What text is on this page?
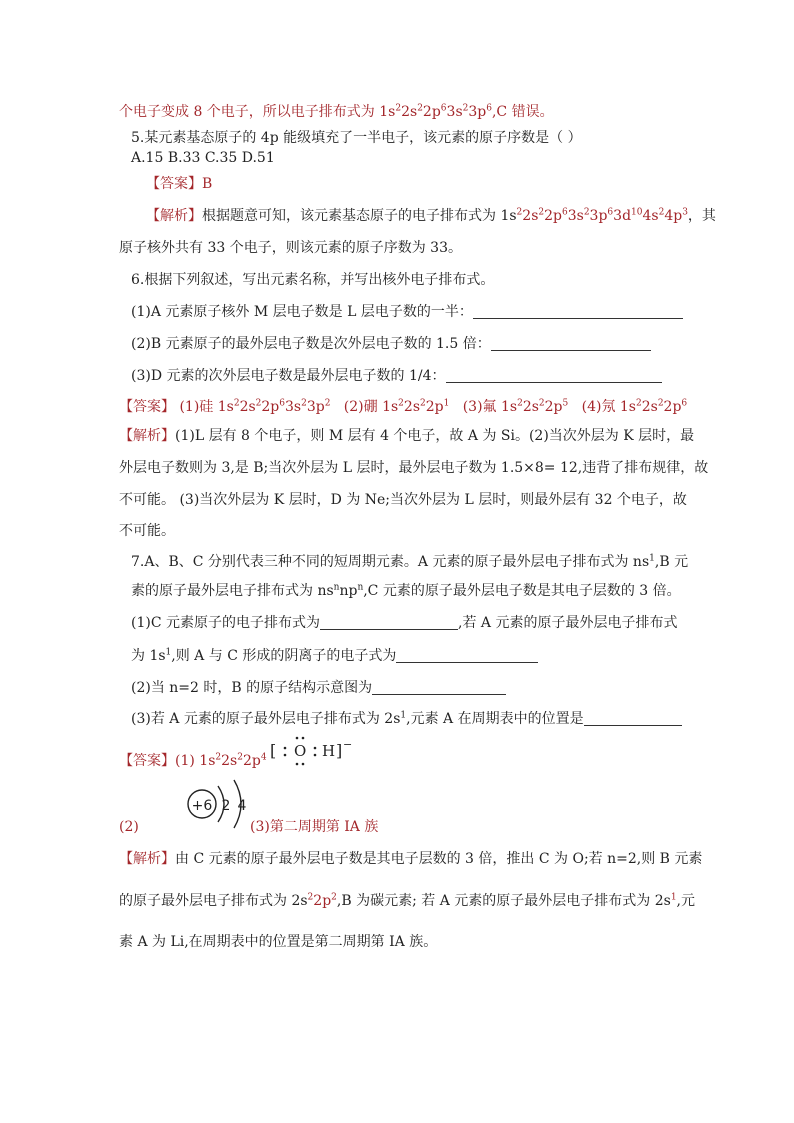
个电子变成 8 个电子，所以电子排布式为 $1s^22s^22p^63s^23p^6,C$ 错误。
5.某元素基态原子的 4p 能级填充了一半电子，该元素的原子序数是（ ）
A.15 B.33 C.35 D.51
【答案】B
【解析】根据题意可知，该元素基态原子的电子排布式为 $1s^22s^22p^63s^23p^63d^{10}4s^24p^3$，其
原子核外共有 33 个电子，则该元素的原子序数为 33。
6.根据下列叙述，写出元素名称，并写出核外电子排布式。
(1)A 元素原子核外 M 层电子数是 L 层电子数的一半：
(2)B 元素原子的最外层电子数是次外层电子数的 1.5 倍：
(3)D 元素的次外层电子数是最外层电子数的 1/4：
【答案】 (1)硅 $1s^22s^22p^63s^23p^2$ (2)硼 $1s^22s^22p^1$ (3)氟 $1s^22s^22p^5$ (4)氖 $1s^22s^22p^6$
【解析】(1)L 层有 8 个电子，则 M 层有 4 个电子，故 A 为 Si。(2)当次外层为 K 层时，最
外层电子数则为 3,是 B;当次外层为 L 层时，最外层电子数为 1.5×8= 12,违背了排布规律，故
不可能。 (3)当次外层为 K 层时，D 为 Ne;当次外层为 L 层时，则最外层有 32 个电子，故
不可能。
7.A、B、C 分别代表三种不同的短周期元素。A 元素的原子最外层电子排布式为 $ns^1,B$ 元
素的原子最外层电子排布式为 $ns^nnp^n,C$ 元素的原子最外层电子数是其电子层数的 3 倍。
(1)C 元素原子的电子排布式为	,若 A 元素的原子最外层电子排布式
为 $1s^1$,则 A 与 C 形成的阴离子的电子式为
(2)当 n=2 时，B 的原子结构示意图为
(3)若 A 元素的原子最外层电子排布式为 $2s^1$,元素 A 在周期表中的位置是
【答案】(1) $1s^22s^22p^4$ [ O H ] −
+6 2 4
(2)	(3)第二周期第 IA 族
【解析】由 C 元素的原子最外层电子数是其电子层数的 3 倍，推出 C 为 O;若 n=2,则 B 元素
的原子最外层电子排布式为 $2s^22p^2,B$ 为碳元素; 若 A 元素的原子最外层电子排布式为 $2s^1$,元
素 A 为 Li,在周期表中的位置是第二周期第 IA 族。
